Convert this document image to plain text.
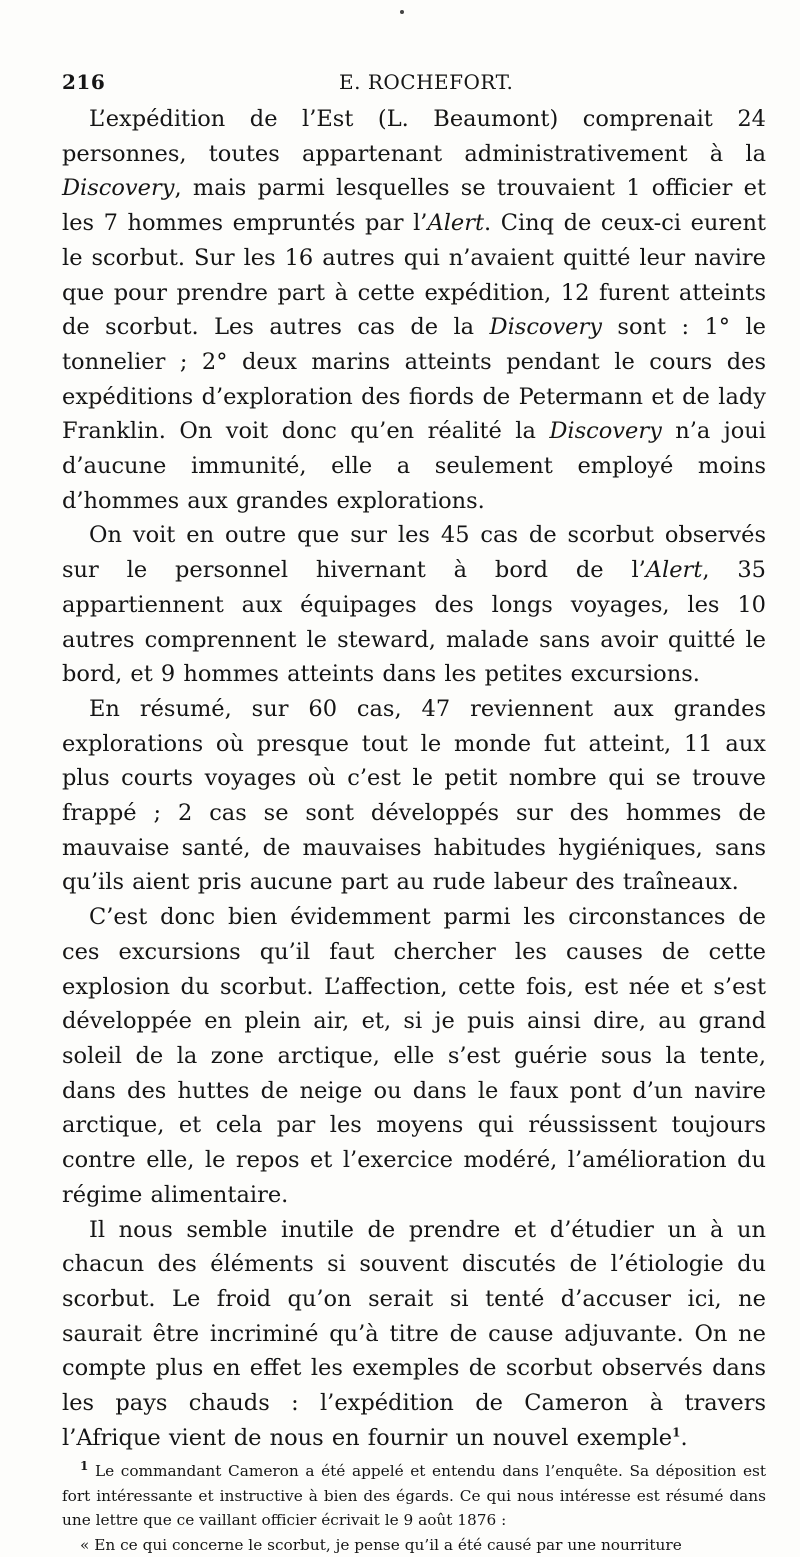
216	E. ROCHEFORT.

L’expédition de l’Est (L. Beaumont) comprenait 24 personnes, toutes appartenant administrativement à la Discovery, mais parmi lesquelles se trouvaient 1 officier et les 7 hommes empruntés par l’Alert. Cinq de ceux-ci eurent le scorbut. Sur les 16 autres qui n’avaient quitté leur navire que pour prendre part à cette expédition, 12 furent atteints de scorbut. Les autres cas de la Discovery sont : 1° le tonnelier ; 2° deux marins atteints pendant le cours des expéditions d’exploration des fiords de Petermann et de lady Franklin. On voit donc qu’en réalité la Discovery n’a joui d’aucune immunité, elle a seulement employé moins d’hommes aux grandes explorations.

On voit en outre que sur les 45 cas de scorbut observés sur le personnel hivernant à bord de l’Alert, 35 appartiennent aux équipages des longs voyages, les 10 autres comprennent le steward, malade sans avoir quitté le bord, et 9 hommes atteints dans les petites excursions.

En résumé, sur 60 cas, 47 reviennent aux grandes explorations où presque tout le monde fut atteint, 11 aux plus courts voyages où c’est le petit nombre qui se trouve frappé ; 2 cas se sont développés sur des hommes de mauvaise santé, de mauvaises habitudes hygiéniques, sans qu’ils aient pris aucune part au rude labeur des traîneaux.

C’est donc bien évidemment parmi les circonstances de ces excursions qu’il faut chercher les causes de cette explosion du scorbut. L’affection, cette fois, est née et s’est développée en plein air, et, si je puis ainsi dire, au grand soleil de la zone arctique, elle s’est guérie sous la tente, dans des huttes de neige ou dans le faux pont d’un navire arctique, et cela par les moyens qui réussissent toujours contre elle, le repos et l’exercice modéré, l’amélioration du régime alimentaire.

Il nous semble inutile de prendre et d’étudier un à un chacun des éléments si souvent discutés de l’étiologie du scorbut. Le froid qu’on serait si tenté d’accuser ici, ne saurait être incriminé qu’à titre de cause adjuvante. On ne compte plus en effet les exemples de scorbut observés dans les pays chauds : l’expédition de Cameron à travers l’Afrique vient de nous en fournir un nouvel exemple$^1$.

$^1$ Le commandant Cameron a été appelé et entendu dans l’enquête. Sa déposition est fort intéressante et instructive à bien des égards. Ce qui nous intéresse est résumé dans une lettre que ce vaillant officier écrivait le 9 août 1876 :

« En ce qui concerne le scorbut, je pense qu’il a été causé par une nourriture
